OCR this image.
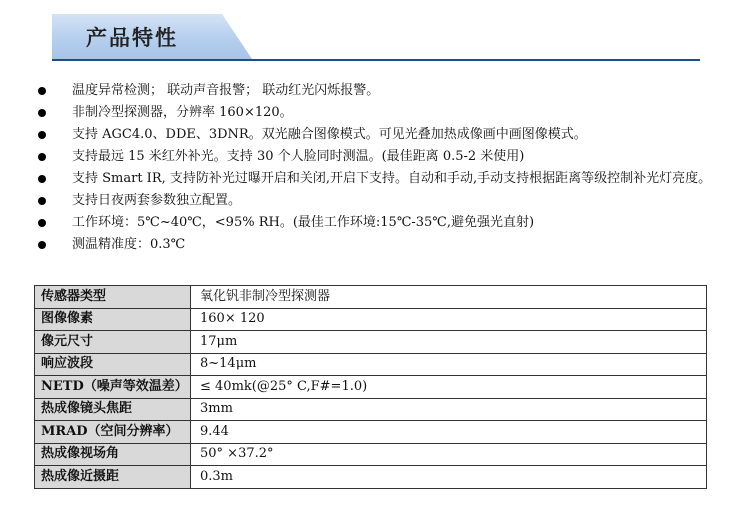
产品特性
温度异常检测； 联动声音报警； 联动红光闪烁报警。
非制冷型探测器，分辨率 160×120。
支持 AGC4.0、DDE、3DNR。双光融合图像模式。可见光叠加热成像画中画图像模式。
支持最远 15 米红外补光。支持 30 个人脸同时测温。(最佳距离 0.5-2 米使用)
支持 Smart IR, 支持防补光过曝开启和关闭,开启下支持。自动和手动,手动支持根据距离等级控制补光灯亮度。
支持日夜两套参数独立配置。
工作环境：5℃~40℃，<95% RH。(最佳工作环境:15℃-35℃,避免强光直射)
测温精准度：0.3℃
传感器类型	氧化钒非制冷型探测器
图像像素	160× 120
像元尺寸	17μm
响应波段	8~14μm
NETD（噪声等效温差）	≤ 40mk(@25° C,F#=1.0)
热成像镜头焦距	3mm
MRAD（空间分辨率）	9.44
热成像视场角	50° ×37.2°
热成像近摄距	0.3m
